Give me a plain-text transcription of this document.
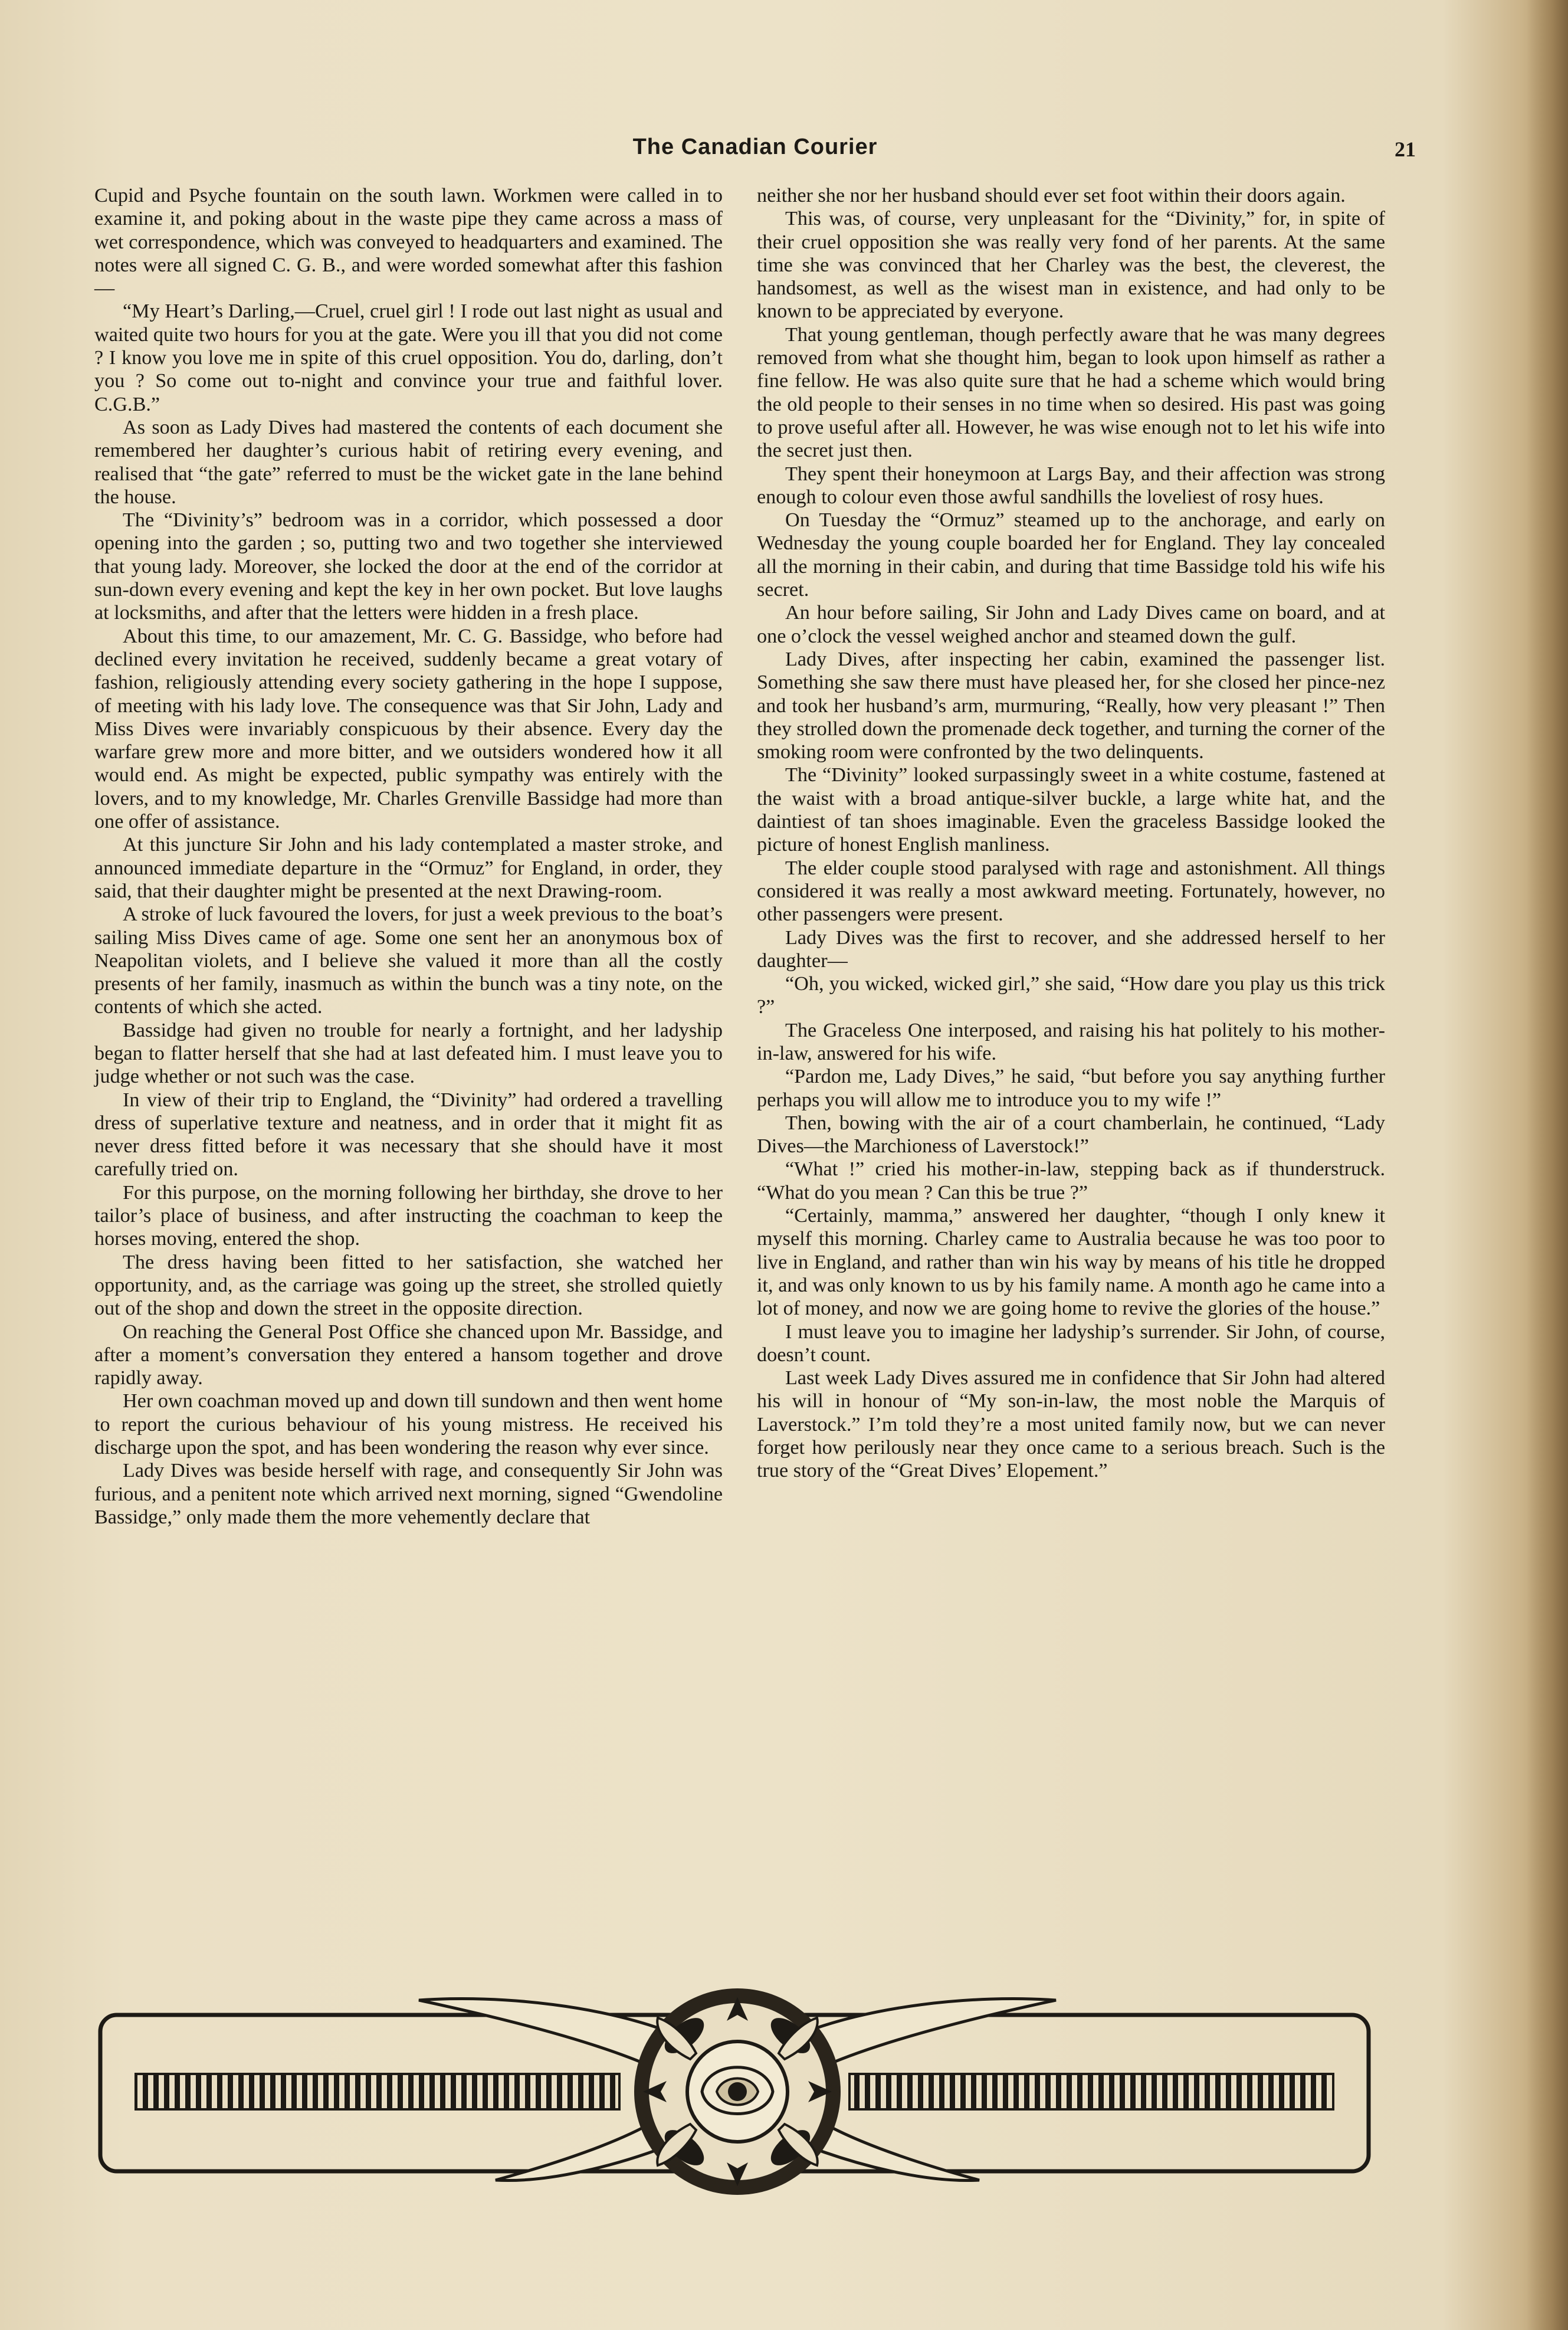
The Canadian Courier	21

Cupid and Psyche fountain on the south lawn. Workmen were called in to examine it, and poking about in the waste pipe they came across a mass of wet correspondence, which was conveyed to headquarters and examined. The notes were all signed C. G. B., and were worded somewhat after this fashion—

“My Heart’s Darling,—Cruel, cruel girl ! I rode out last night as usual and waited quite two hours for you at the gate. Were you ill that you did not come ? I know you love me in spite of this cruel opposition. You do, darling, don’t you ? So come out to-night and convince your true and faithful lover. C.G.B.”

As soon as Lady Dives had mastered the contents of each document she remembered her daughter’s curious habit of retiring every evening, and realised that “the gate” referred to must be the wicket gate in the lane behind the house.

The “Divinity’s” bedroom was in a corridor, which possessed a door opening into the garden ; so, putting two and two together she interviewed that young lady. Moreover, she locked the door at the end of the corridor at sun-down every evening and kept the key in her own pocket. But love laughs at locksmiths, and after that the letters were hidden in a fresh place.

About this time, to our amazement, Mr. C. G. Bassidge, who before had declined every invitation he received, suddenly became a great votary of fashion, religiously attending every society gathering in the hope I suppose, of meeting with his lady love. The consequence was that Sir John, Lady and Miss Dives were invariably conspicuous by their absence. Every day the warfare grew more and more bitter, and we outsiders wondered how it all would end. As might be expected, public sympathy was entirely with the lovers, and to my knowledge, Mr. Charles Grenville Bassidge had more than one offer of assistance.

At this juncture Sir John and his lady contemplated a master stroke, and announced immediate departure in the “Ormuz” for England, in order, they said, that their daughter might be presented at the next Drawing-room.

A stroke of luck favoured the lovers, for just a week previous to the boat’s sailing Miss Dives came of age. Some one sent her an anonymous box of Neapolitan violets, and I believe she valued it more than all the costly presents of her family, inasmuch as within the bunch was a tiny note, on the contents of which she acted.

Bassidge had given no trouble for nearly a fortnight, and her ladyship began to flatter herself that she had at last defeated him. I must leave you to judge whether or not such was the case.

In view of their trip to England, the “Divinity” had ordered a travelling dress of superlative texture and neatness, and in order that it might fit as never dress fitted before it was necessary that she should have it most carefully tried on.

For this purpose, on the morning following her birthday, she drove to her tailor’s place of business, and after instructing the coachman to keep the horses moving, entered the shop.

The dress having been fitted to her satisfaction, she watched her opportunity, and, as the carriage was going up the street, she strolled quietly out of the shop and down the street in the opposite direction.

On reaching the General Post Office she chanced upon Mr. Bassidge, and after a moment’s conversation they entered a hansom together and drove rapidly away.

Her own coachman moved up and down till sundown and then went home to report the curious behaviour of his young mistress. He received his discharge upon the spot, and has been wondering the reason why ever since.

Lady Dives was beside herself with rage, and consequently Sir John was furious, and a penitent note which arrived next morning, signed “Gwendoline Bassidge,” only made them the more vehemently declare that

neither she nor her husband should ever set foot within their doors again.

This was, of course, very unpleasant for the “Divinity,” for, in spite of their cruel opposition she was really very fond of her parents. At the same time she was convinced that her Charley was the best, the cleverest, the handsomest, as well as the wisest man in existence, and had only to be known to be appreciated by everyone.

That young gentleman, though perfectly aware that he was many degrees removed from what she thought him, began to look upon himself as rather a fine fellow. He was also quite sure that he had a scheme which would bring the old people to their senses in no time when so desired. His past was going to prove useful after all. However, he was wise enough not to let his wife into the secret just then.

They spent their honeymoon at Largs Bay, and their affection was strong enough to colour even those awful sandhills the loveliest of rosy hues.

On Tuesday the “Ormuz” steamed up to the anchorage, and early on Wednesday the young couple boarded her for England. They lay concealed all the morning in their cabin, and during that time Bassidge told his wife his secret.

An hour before sailing, Sir John and Lady Dives came on board, and at one o’clock the vessel weighed anchor and steamed down the gulf.

Lady Dives, after inspecting her cabin, examined the passenger list. Something she saw there must have pleased her, for she closed her pince-nez and took her husband’s arm, murmuring, “Really, how very pleasant !” Then they strolled down the promenade deck together, and turning the corner of the smoking room were confronted by the two delinquents.

The “Divinity” looked surpassingly sweet in a white costume, fastened at the waist with a broad antique-silver buckle, a large white hat, and the daintiest of tan shoes imaginable. Even the graceless Bassidge looked the picture of honest English manliness.

The elder couple stood paralysed with rage and astonishment. All things considered it was really a most awkward meeting. Fortunately, however, no other passengers were present.

Lady Dives was the first to recover, and she addressed herself to her daughter—

“Oh, you wicked, wicked girl,” she said, “How dare you play us this trick ?”

The Graceless One interposed, and raising his hat politely to his mother-in-law, answered for his wife.

“Pardon me, Lady Dives,” he said, “but before you say anything further perhaps you will allow me to introduce you to my wife !”

Then, bowing with the air of a court chamberlain, he continued, “Lady Dives—the Marchioness of Laverstock!”

“What !” cried his mother-in-law, stepping back as if thunderstruck. “What do you mean ? Can this be true ?”

“Certainly, mamma,” answered her daughter, “though I only knew it myself this morning. Charley came to Australia because he was too poor to live in England, and rather than win his way by means of his title he dropped it, and was only known to us by his family name. A month ago he came into a lot of money, and now we are going home to revive the glories of the house.”

I must leave you to imagine her ladyship’s surrender. Sir John, of course, doesn’t count.

Last week Lady Dives assured me in confidence that Sir John had altered his will in honour of “My son-in-law, the most noble the Marquis of Laverstock.” I’m told they’re a most united family now, but we can never forget how perilously near they once came to a serious breach. Such is the true story of the “Great Dives’ Elopement.”
